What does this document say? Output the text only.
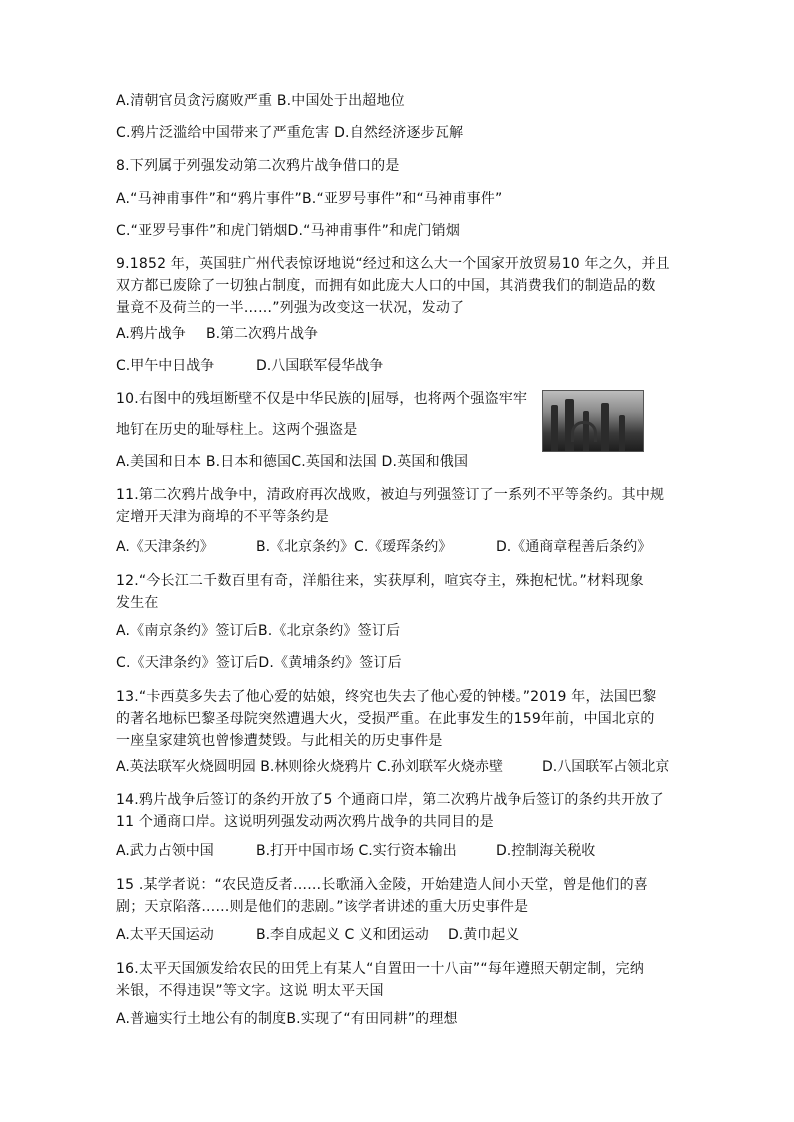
A.清朝官员贪污腐败严重 B.中国处于出超地位
C.鸦片泛滥给中国带来了严重危害 D.自然经济逐步瓦解
8.下列属于列强发动第二次鸦片战争借口的是
A.“马神甫事件”和“鸦片事件”B.“亚罗号事件”和“马神甫事件”
C.“亚罗号事件”和虎门销烟D.“马神甫事件”和虎门销烟
9.1852 年，英国驻广州代表惊讶地说“经过和这么大一个国家开放贸易10 年之久，并且
双方都已废除了一切独占制度，而拥有如此庞大人口的中国，其消费我们的制造品的数
量竟不及荷兰的一半……”列强为改变这一状况，发动了
A.鸦片战争 B.第二次鸦片战争
C.甲午中日战争	D.八国联军侵华战争
10.右图中的残垣断壁不仅是中华民族的|屈辱，也将两个强盗牢牢
地钉在历史的耻辱柱上。这两个强盗是
A.美国和日本 B.日本和德国C.英国和法国 D.英国和俄国
11.第二次鸦片战争中，清政府再次战败，被迫与列强签订了一系列不平等条约。其中规
定增开天津为商埠的不平等条约是
A.《天津条约》	B.《北京条约》C.《瑷珲条约》	D.《通商章程善后条约》
12.“今长江二千数百里有奇，洋船往来，实获厚利，喧宾夺主，殊抱杞忧。”材料现象
发生在
A.《南京条约》签订后B.《北京条约》签订后
C.《天津条约》签订后D.《黄埔条约》签订后
13.“卡西莫多失去了他心爱的姑娘，终究也失去了他心爱的钟楼。”2019 年，法国巴黎
的著名地标巴黎圣母院突然遭遇大火，受损严重。在此事发生的159年前，中国北京的
一座皇家建筑也曾惨遭焚毁。与此相关的历史事件是
A.英法联军火烧圆明园 B.林则徐火烧鸦片 C.孙刘联军火烧赤壁	D.八国联军占领北京
14.鸦片战争后签订的条约开放了5 个通商口岸，第二次鸦片战争后签订的条约共开放了
11 个通商口岸。这说明列强发动两次鸦片战争的共同目的是
A.武力占领中国	B.打开中国市场 C.实行资本输出	D.控制海关税收
15 .某学者说：“农民造反者……长歌涌入金陵，开始建造人间小天堂，曾是他们的喜
剧；天京陷落……则是他们的悲剧。”该学者讲述的重大历史事件是
A.太平天国运动	B.李自成起义 C 义和团运动 D.黄巾起义
16.太平天国颁发给农民的田凭上有某人“自置田一十八亩”“每年遵照天朝定制，完纳
米银，不得违误”等文字。这说 明太平天国
A.普遍实行土地公有的制度B.实现了“有田同耕”的理想
